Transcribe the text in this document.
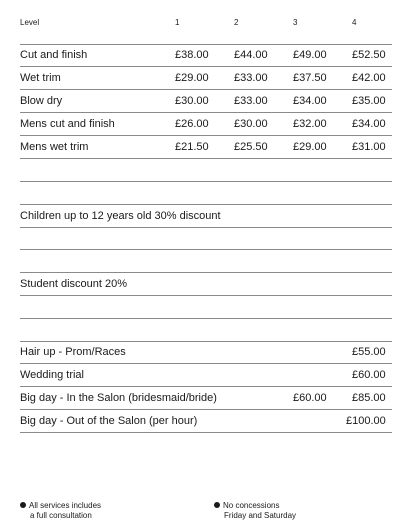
Level	1	2	3	4
Cut and finish	£38.00 £44.00 £49.00 £52.50
Wet trim	£29.00 £33.00 £37.50 £42.00
Blow dry	£30.00 £33.00 £34.00 £35.00
Mens cut and finish	£26.00 £30.00 £32.00 £34.00
Mens wet trim	£21.50 £25.50 £29.00 £31.00
Children up to 12 years old 30% discount
Student discount 20%
Hair up - Prom/Races	£55.00
Wedding trial	£60.00
Big day - In the Salon (bridesmaid/bride)	£60.00 £85.00
Big day - Out of the Salon (per hour)	£100.00
All services includes
a full consultation
No concessions
Friday and Saturday
